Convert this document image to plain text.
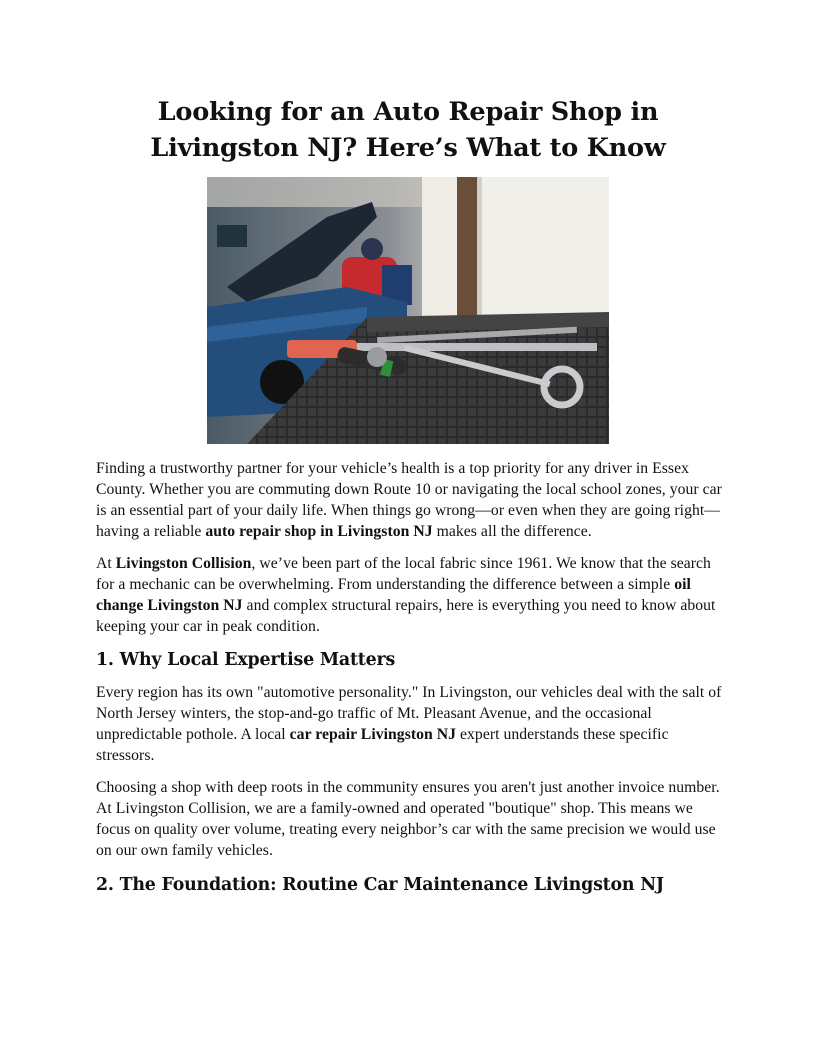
Looking for an Auto Repair Shop in
Livingston NJ? Here’s What to Know

Finding a trustworthy partner for your vehicle’s health is a top priority for any driver in Essex County. Whether you are commuting down Route 10 or navigating the local school zones, your car is an essential part of your daily life. When things go wrong—or even when they are going right—having a reliable auto repair shop in Livingston NJ makes all the difference.

At Livingston Collision, we’ve been part of the local fabric since 1961. We know that the search for a mechanic can be overwhelming. From understanding the difference between a simple oil change Livingston NJ and complex structural repairs, here is everything you need to know about keeping your car in peak condition.

1. Why Local Expertise Matters

Every region has its own "automotive personality." In Livingston, our vehicles deal with the salt of North Jersey winters, the stop-and-go traffic of Mt. Pleasant Avenue, and the occasional unpredictable pothole. A local car repair Livingston NJ expert understands these specific stressors.

Choosing a shop with deep roots in the community ensures you aren't just another invoice number. At Livingston Collision, we are a family-owned and operated "boutique" shop. This means we focus on quality over volume, treating every neighbor’s car with the same precision we would use on our own family vehicles.

2. The Foundation: Routine Car Maintenance Livingston NJ
